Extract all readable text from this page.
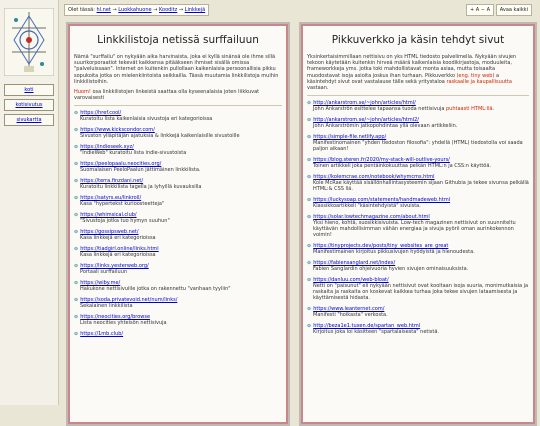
koti
kotisivutus
sivukartta
Olet tässä: hl.net → Luokkahuone → Kooditz → Linkkejä	+ A − A	Avaa kaikki
Linkkilistoja netissä surffailuun

Nämä "surffailu" on nykyään aika harvinaista, joka ei kyllä sinänsä ole ihme sillä suurikorporaatiot tekevät kaikkensa pitääkseen ihmiset sisällä omissa "palveluissaan". Internet on kuitenkin pullollaan kaikenlaisia persoonallisia pikku sopukoita jotka on mielenkiintoista seikkailla. Tässä muutamia linkkilistoja muihin linkkilistoihin.

Huom! osa linkkilistojen linkeistä saattaa olla kyseenalaisia joten liikkuvat varovaisesti

⊙ https://href.cool/
Kuratoitu lista kaikenlaisia sivustoja eri kategorioissa
⊙ https://www.kickscondor.com/
Sivuston ylläpitäjän ajatuksia & linkkejä kaikenlaisille sivustoille
⊙ https://indieseek.xyz/
"IndieWeb" kuratoitu lista indie-sivustoista
⊙ https://peelopaalu.neocities.org/
Suomalaisen PeeloPaalun jättimäinen linkkilista.
⊙ https://terra.finzdani.net/
Kuratoitu linkkilista tagella ja lyhyillä kuvauksilla
⊙ https://satyrs.eu/linkroll/
Kasa "hypertekst kurioosteetteja"
⊙ https://whimsical.club/
"Sivustoja jotka tuo hymyn suuhun"
⊙ https://gossipsweb.net/
Kasa linkkejä eri kategorioissa
⊙ https://tiadgirl.online/links.html
Kasa linkkejä eri kategorioissa
⊙ https://links.yesterweb.org/
Portaali surffailuun
⊙ https://wiby.me/
Hakukone nettisivuille jotka on rakennettu "vanhaan tyyliin"
⊙ https://soda.privatevoid.net/num/links/
Sekalainen linkkilista
⊙ https://neocities.org/browse
Lista neocities yhteisön nettisivuja
⊙ https://1mb.club/
Pikkuverkko ja käsin tehdyt sivut

Yksinkertaisimmillaan nettisivu on yks HTML tiedosto palvelimella. Nykyään sivujen tekoon käytetään kuitenkin hirveä määrä kaikenlaisia koodikirjastoja, moduuleita, frameworkkeja yms. jotka toki mahdollistavat monta asiaa, mutta toisaalta muodostavat isoja asioita joskus ihan turhaan. Pikkuverkko (eng. tiny web) a käsintehdyt sivut ovat vastalause tälle sekä yritystaloa raskaalle ja kaupallisuutta vastaan.

⊙ http://ankarstrom.se/~john/articles/html/
John Ankarströn esittelee tapaansa tuoda nettisivuja puhtaasti HTML:llä.
⊙ http://ankarstrom.se/~john/articles/html2/
John Ankarströmin jatkopohdintaa yllä olevaan artikkeliin.
⊙ https://simple-file.netlify.app/
Manifestinomainen "yhden tiedoston filosofia": yhdellä (HTML) tiedostolla voi saada paljon aikaan!
⊙ https://blog.steren.fr/2020/my-stack-will-outlive-yours/
Toinen artikkeli joka pentäinkokuuttaa pelkän HTML:n ja CSS:n käyttöä.
⊙ https://kolemcrae.com/notebook/whymcms.html
Kole McRae käyttää sisällönhallintasysteemin sijaan Githubia ja tekee sivunsa pelkällä HTML:& CSS llä.
⊙ https://luckysoap.com/statements/handmadeweb.html
Klassikkoartikkeli "käsintehdyistä" sivuista.
⊙ https://solar.lowtechmagazine.com/about.html
Yksi hieno, kohtä, suosikkisivuista. Low-tech magazinen nettisivut on suunniteltu käyttävän mahdollisimman vähän energiaa ja sivuja pyörii oman aurinkokennon voimin!
⊙ https://tinyprojects.dev/posts/tiny_websites_are_great
Manifestimainen kirjoitus pikkusivujen hyödyistä ja hienoudesta.
⊙ https://fabiensanglard.net/index/
Fabien Sanglardin ohjeivuoria hyvien sivujen ominaisuuksista.
⊙ https://danluu.com/web-bloat/
Netti on "paisunut" eli nykyään nettisivut ovat kooltaan isoja suuria, monimutkaisia ja raskaita ja raskaita on koskevat kaikkea turhaa joka tekee sivujen lataamisesta ja käyttämisestä hidasta.
⊙ https://www.leanternet.com/
Manifesti "hoikasta" verkosta.
⊙ http://beza1e1.tuxen.de/spartan_web.html
Kirjoitus joka loi käsitteen "spartalaisesta" netistä.
